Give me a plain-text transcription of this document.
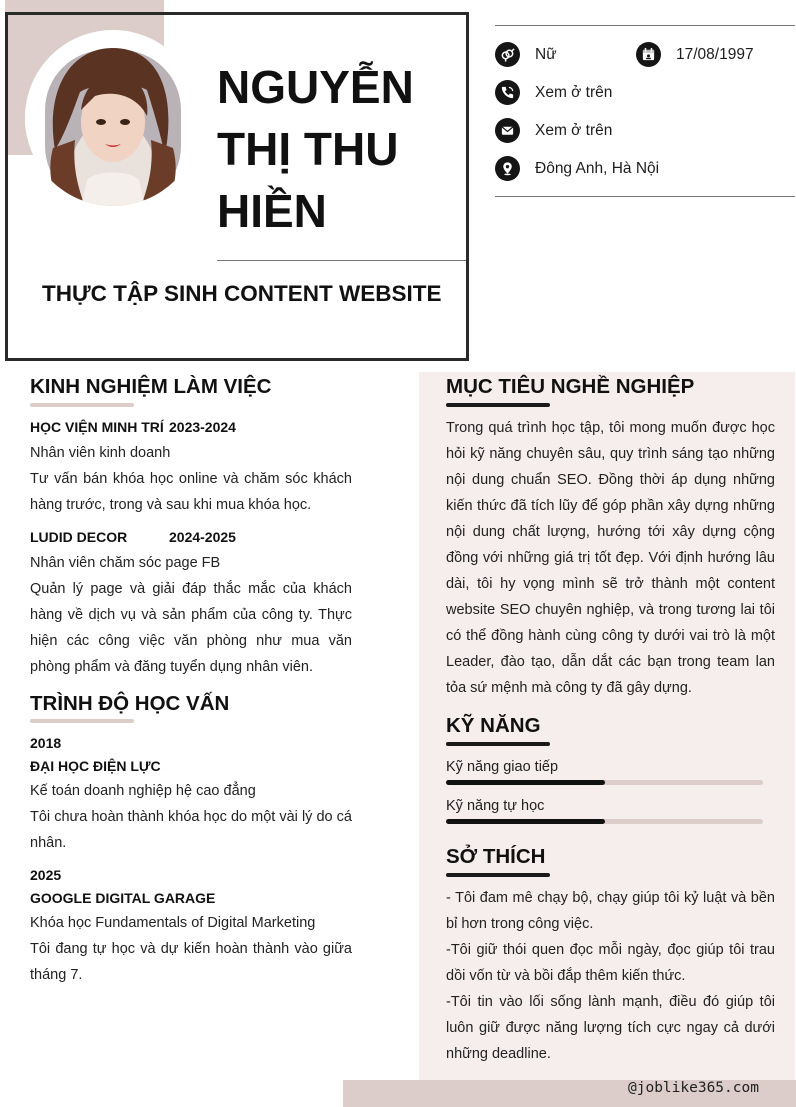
NGUYỄN THỊ THU HIỀN
THỰC TẬP SINH CONTENT WEBSITE
Nữ	17/08/1997
Xem ở trên
Xem ở trên
Đông Anh, Hà Nội
@joblike365.com
KINH NGHIỆM LÀM VIỆC
HỌC VIỆN MINH TRÍ 2023-2024
Nhân viên kinh doanh
Tư vấn bán khóa học online và chăm sóc khách hàng trước, trong và sau khi mua khóa học.
LUDID DECOR	2024-2025
Nhân viên chăm sóc page FB
Quản lý page và giải đáp thắc mắc của khách hàng về dịch vụ và sản phẩm của công ty. Thực hiện các công việc văn phòng như mua văn phòng phẩm và đăng tuyển dụng nhân viên.
TRÌNH ĐỘ HỌC VẤN
2018
ĐẠI HỌC ĐIỆN LỰC
Kế toán doanh nghiệp hệ cao đẳng
Tôi chưa hoàn thành khóa học do một vài lý do cá nhân.
2025
GOOGLE DIGITAL GARAGE
Khóa học Fundamentals of Digital Marketing
Tôi đang tự học và dự kiến hoàn thành vào giữa tháng 7.
MỤC TIÊU NGHỀ NGHIỆP
Trong quá trình học tập, tôi mong muốn được học hỏi kỹ năng chuyên sâu, quy trình sáng tạo những nội dung chuẩn SEO. Đồng thời áp dụng những kiến thức đã tích lũy để góp phần xây dựng những nội dung chất lượng, hướng tới xây dựng cộng đồng với những giá trị tốt đẹp. Với định hướng lâu dài, tôi hy vọng mình sẽ trở thành một content website SEO chuyên nghiệp, và trong tương lai tôi có thể đồng hành cùng công ty dưới vai trò là một Leader, đào tạo, dẫn dắt các bạn trong team lan tỏa sứ mệnh mà công ty đã gây dựng.
KỸ NĂNG
Kỹ năng giao tiếp
Kỹ năng tự học
SỞ THÍCH
- Tôi đam mê chạy bộ, chạy giúp tôi kỷ luật và bền bỉ hơn trong công việc.
-Tôi giữ thói quen đọc mỗi ngày, đọc giúp tôi trau dồi vốn từ và bồi đắp thêm kiến thức.
-Tôi tin vào lối sống lành mạnh, điều đó giúp tôi luôn giữ được năng lượng tích cực ngay cả dưới những deadline.
